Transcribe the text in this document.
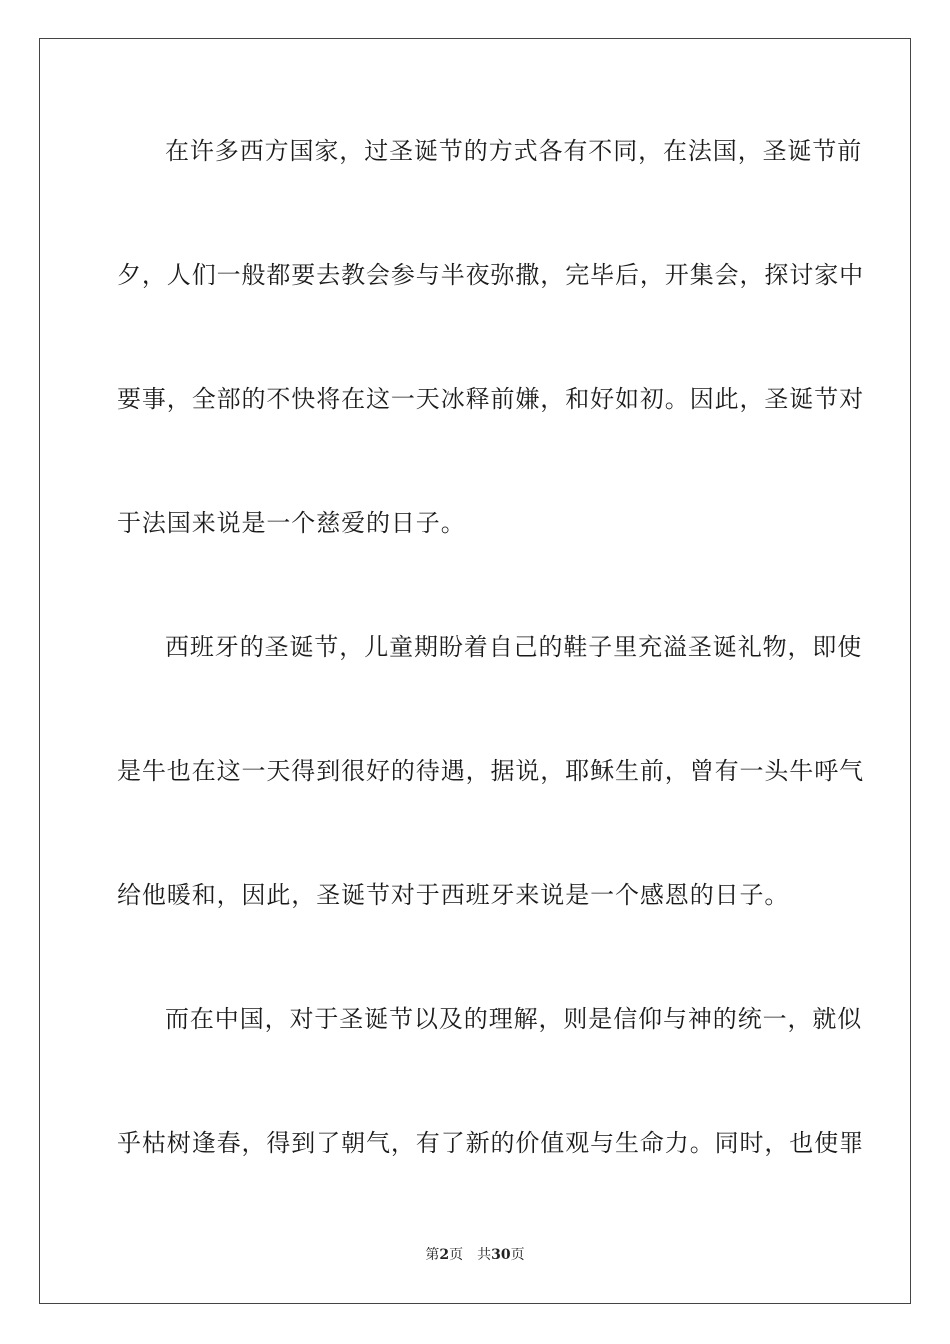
在许多西方国家，过圣诞节的方式各有不同，在法国，圣诞节前
夕，人们一般都要去教会参与半夜弥撒，完毕后，开集会，探讨家中
要事，全部的不快将在这一天冰释前嫌，和好如初。因此，圣诞节对
于法国来说是一个慈爱的日子。
西班牙的圣诞节，儿童期盼着自己的鞋子里充溢圣诞礼物，即使
是牛也在这一天得到很好的待遇，据说，耶稣生前，曾有一头牛呼气
给他暖和，因此，圣诞节对于西班牙来说是一个感恩的日子。
而在中国，对于圣诞节以及的理解，则是信仰与神的统一，就似
乎枯树逢春，得到了朝气，有了新的价值观与生命力。同时，也使罪
第2页 共30页
